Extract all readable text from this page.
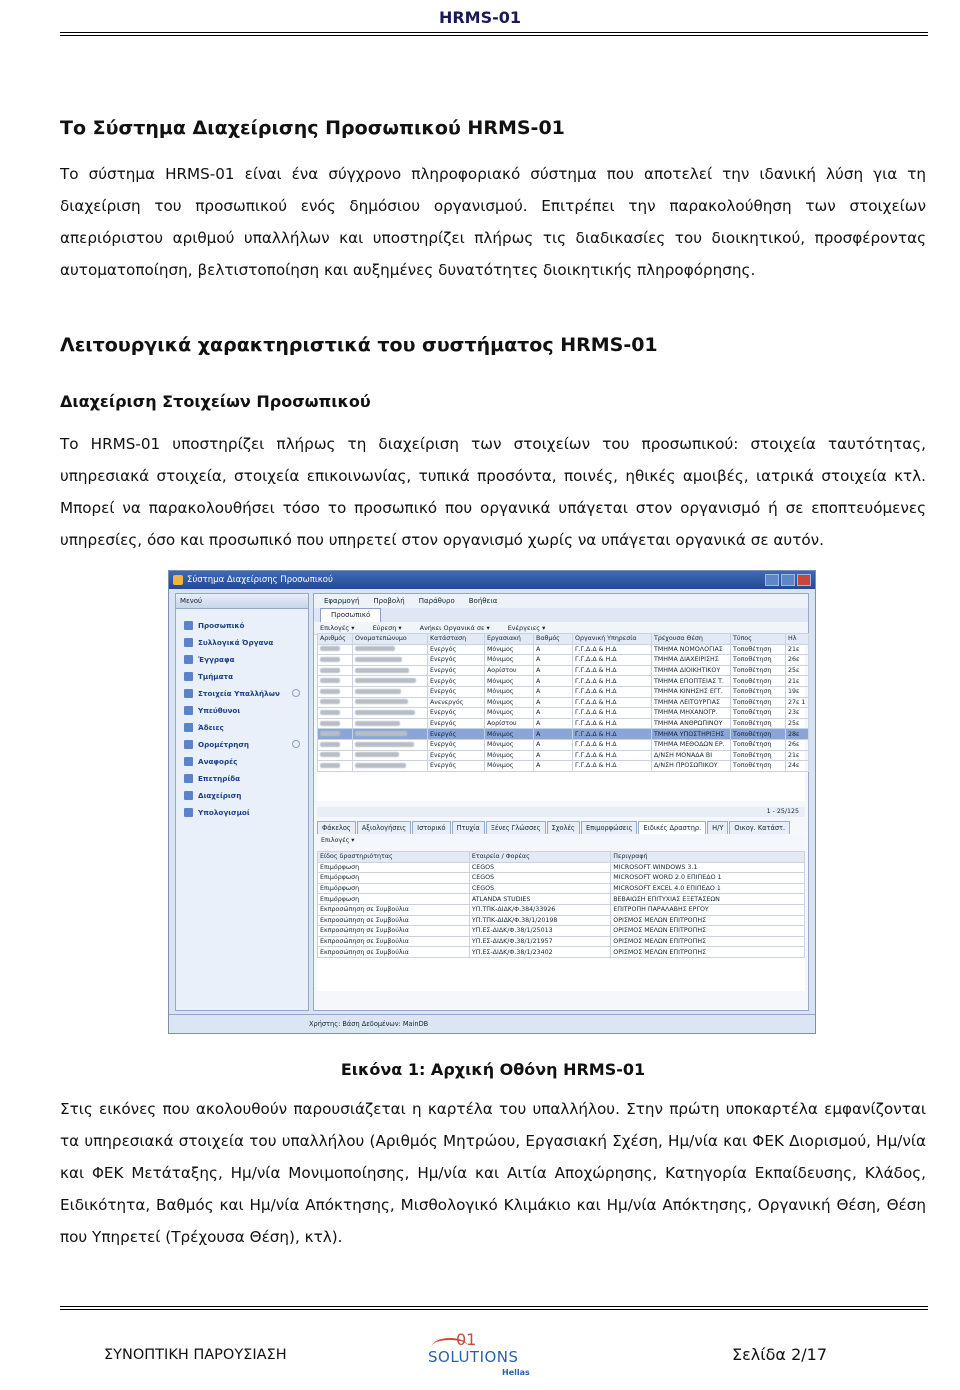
HRMS-01
Το Σύστημα Διαχείρισης Προσωπικού HRMS-01
Το σύστημα HRMS-01 είναι ένα σύγχρονο πληροφοριακό σύστημα που αποτελεί την ιδανική λύση για τη διαχείριση του προσωπικού ενός δημόσιου οργανισμού. Επιτρέπει την παρακολούθηση των στοιχείων απεριόριστου αριθμού υπαλλήλων και υποστηρίζει πλήρως τις διαδικασίες του διοικητικού, προσφέροντας αυτοματοποίηση, βελτιστοποίηση και αυξημένες δυνατότητες διοικητικής πληροφόρησης.
Λειτουργικά χαρακτηριστικά του συστήματος HRMS-01
Διαχείριση Στοιχείων Προσωπικού
Το HRMS-01 υποστηρίζει πλήρως τη διαχείριση των στοιχείων του προσωπικού: στοιχεία ταυτότητας, υπηρεσιακά στοιχεία, στοιχεία επικοινωνίας, τυπικά προσόντα, ποινές, ηθικές αμοιβές, ιατρικά στοιχεία κτλ. Μπορεί να παρακολουθήσει τόσο το προσωπικό που οργανικά υπάγεται στον οργανισμό ή σε εποπτευόμενες υπηρεσίες, όσο και προσωπικό που υπηρετεί στον οργανισμό χωρίς να υπάγεται οργανικά σε αυτόν.
Σύστημα Διαχείρισης Προσωπικού
Μενού
Προσωπικό
Συλλογικά Όργανα
Έγγραφα
Τμήματα
Στοιχεία Υπαλλήλων
Υπεύθυνοι
Άδειες
Ορομέτρηση
Αναφορές
Επετηρίδα
Διαχείριση
Υπολογισμοί
Εφαρμογή Προβολή Παράθυρο Βοήθεια
Προσωπικό
Επιλογές ▾	Εύρεση ▾	Ανήκει Οργανικά σε ▾	Ενέργειες ▾
Αριθμός	Ονοματεπώνυμο	Κατάσταση	Εργασιακή	Βαθμός	Οργανική Υπηρεσία	Τρέχουσα Θέση	Τύπος	Ηλ
		Ενεργός	Μόνιμος	Α	Γ.Γ.Δ.Δ & Η.Δ	ΤΜΗΜΑ ΝΟΜΟΛΟΓΙΑΣ	Τοποθέτηση	21ε
		Ενεργός	Μόνιμος	Α	Γ.Γ.Δ.Δ & Η.Δ	ΤΜΗΜΑ ΔΙΑΧΕΙΡΙΣΗΣ	Τοποθέτηση	26ε
		Ενεργός	Αορίστου	Α	Γ.Γ.Δ.Δ & Η.Δ	ΤΜΗΜΑ ΔΙΟΙΚΗΤΙΚΟΥ	Τοποθέτηση	25ε
		Ενεργός	Μόνιμος	Α	Γ.Γ.Δ.Δ & Η.Δ	ΤΜΗΜΑ ΕΠΟΠΤΕΙΑΣ Τ.	Τοποθέτηση	21ε
		Ενεργός	Μόνιμος	Α	Γ.Γ.Δ.Δ & Η.Δ	ΤΜΗΜΑ ΚΙΝΗΣΗΣ ΕΓΓ.	Τοποθέτηση	19ε
		Ανενεργός	Μόνιμος	Α	Γ.Γ.Δ.Δ & Η.Δ	ΤΜΗΜΑ ΛΕΙΤΟΥΡΓΙΑΣ	Τοποθέτηση	27ε 1
		Ενεργός	Μόνιμος	Α	Γ.Γ.Δ.Δ & Η.Δ	ΤΜΗΜΑ ΜΗΧΑΝΟΓΡ.	Τοποθέτηση	23ε
		Ενεργός	Αορίστου	Α	Γ.Γ.Δ.Δ & Η.Δ	ΤΜΗΜΑ ΑΝΘΡΩΠΙΝΟΥ	Τοποθέτηση	25ε
		Ενεργός	Μόνιμος	Α	Γ.Γ.Δ.Δ & Η.Δ	ΤΜΗΜΑ ΥΠΟΣΤΗΡΙΞΗΣ	Τοποθέτηση	28ε
		Ενεργός	Μόνιμος	Α	Γ.Γ.Δ.Δ & Η.Δ	ΤΜΗΜΑ ΜΕΘΟΔΩΝ ΕΡ.	Τοποθέτηση	26ε
		Ενεργός	Μόνιμος	Α	Γ.Γ.Δ.Δ & Η.Δ	Δ/ΝΣΗ ΜΟΝΑΔΑ ΒΙ	Τοποθέτηση	21ε
		Ενεργός	Μόνιμος	Α	Γ.Γ.Δ.Δ & Η.Δ	Δ/ΝΣΗ ΠΡΟΣΩΠΙΚΟΥ	Τοποθέτηση	24ε
1 - 25/125
Φάκελος	Αξιολογήσεις	Ιστορικό	Πτυχία	Ξένες Γλώσσες	Σχολές	Επιμορφώσεις	Ειδικές Δραστηρ.	Η/Υ	Οικογ. Κατάστ.
Επιλογές ▾
Είδος δραστηριότητας	Εταιρεία / Φορέας	Περιγραφή
Επιμόρφωση	CEGOS	MICROSOFT WINDOWS 3.1
Επιμόρφωση	CEGOS	MICROSOFT WORD 2.0 ΕΠΙΠΕΔΟ 1
Επιμόρφωση	CEGOS	MICROSOFT EXCEL 4.0 ΕΠΙΠΕΔΟ 1
Επιμόρφωση	ATLANDA STUDIES	ΒΕΒΑΙΩΣΗ ΕΠΙΤΥΧΙΑΣ ΕΞΕΤΑΣΕΩΝ
Εκπροσώπηση σε Συμβούλια	ΥΠ.ΤΠΚ-ΔΙΔΚ/Φ.384/33926	ΕΠΙΤΡΟΠΗ ΠΑΡΑΛΑΒΗΣ ΕΡΓΟΥ
Εκπροσώπηση σε Συμβούλια	ΥΠ.ΤΠΚ-ΔΙΔΚ/Φ.38/1/20198	ΟΡΙΣΜΟΣ ΜΕΛΩΝ ΕΠΙΤΡΟΠΗΣ
Εκπροσώπηση σε Συμβούλια	ΥΠ.ΕΣ-ΔΙΔΚ/Φ.38/1/25013	ΟΡΙΣΜΟΣ ΜΕΛΩΝ ΕΠΙΤΡΟΠΗΣ
Εκπροσώπηση σε Συμβούλια	ΥΠ.ΕΣ-ΔΙΔΚ/Φ.38/1/21957	ΟΡΙΣΜΟΣ ΜΕΛΩΝ ΕΠΙΤΡΟΠΗΣ
Εκπροσώπηση σε Συμβούλια	ΥΠ.ΕΣ-ΔΙΔΚ/Φ.38/1/23402	ΟΡΙΣΜΟΣ ΜΕΛΩΝ ΕΠΙΤΡΟΠΗΣ
Χρήστης: Βάση Δεδομένων: MainDB
Εικόνα 1: Αρχική Οθόνη HRMS-01
Στις εικόνες που ακολουθούν παρουσιάζεται η καρτέλα του υπαλλήλου. Στην πρώτη υποκαρτέλα εμφανίζονται τα υπηρεσιακά στοιχεία του υπαλλήλου (Αριθμός Μητρώου, Εργασιακή Σχέση, Ημ/νία και ΦΕΚ Διορισμού, Ημ/νία και ΦΕΚ Μετάταξης, Ημ/νία Μονιμοποίησης, Ημ/νία και Αιτία Αποχώρησης, Κατηγορία Εκπαίδευσης, Κλάδος, Ειδικότητα, Βαθμός και Ημ/νία Απόκτησης, Μισθολογικό Κλιμάκιο και Ημ/νία Απόκτησης, Οργανική Θέση, Θέση που Υπηρετεί (Τρέχουσα Θέση), κτλ).
ΣΥΝΟΠΤΙΚΗ ΠΑΡΟΥΣΙΑΣΗ
01
SOLUTIONS
Hellas
Σελίδα 2/17
